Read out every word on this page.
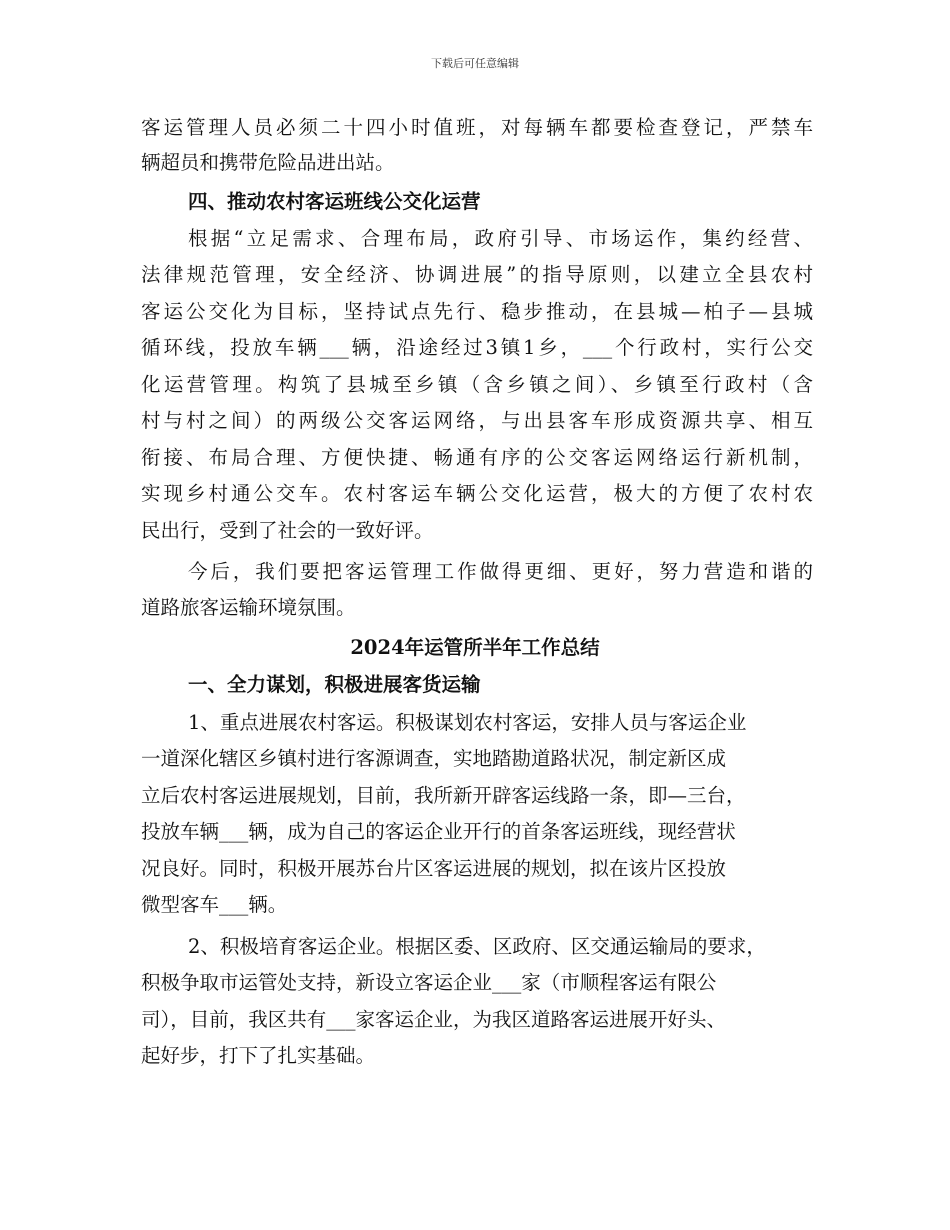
下载后可任意编辑
客运管理人员必须二十四小时值班，对每辆车都要检查登记，严禁车
辆超员和携带危险品进出站。
四、推动农村客运班线公交化运营
根据“立足需求、合理布局，政府引导、市场运作，集约经营、
法律规范管理，安全经济、协调进展”的指导原则，以建立全县农村
客运公交化为目标，坚持试点先行、稳步推动，在县城—柏子—县城
循环线，投放车辆___辆，沿途经过3镇1乡，___个行政村，实行公交
化运营管理。构筑了县城至乡镇（含乡镇之间）、乡镇至行政村（含
村与村之间）的两级公交客运网络，与出县客车形成资源共享、相互
衔接、布局合理、方便快捷、畅通有序的公交客运网络运行新机制，
实现乡村通公交车。农村客运车辆公交化运营，极大的方便了农村农
民出行，受到了社会的一致好评。
今后，我们要把客运管理工作做得更细、更好，努力营造和谐的
道路旅客运输环境氛围。
2024年运管所半年工作总结
一、全力谋划，积极进展客货运输
1、重点进展农村客运。积极谋划农村客运，安排人员与客运企业
一道深化辖区乡镇村进行客源调查，实地踏勘道路状况，制定新区成
立后农村客运进展规划，目前，我所新开辟客运线路一条，即—三台，
投放车辆___辆，成为自己的客运企业开行的首条客运班线，现经营状
况良好。同时，积极开展苏台片区客运进展的规划，拟在该片区投放
微型客车___辆。
2、积极培育客运企业。根据区委、区政府、区交通运输局的要求，
积极争取市运管处支持，新设立客运企业___家（市顺程客运有限公
司），目前，我区共有___家客运企业，为我区道路客运进展开好头、
起好步，打下了扎实基础。
